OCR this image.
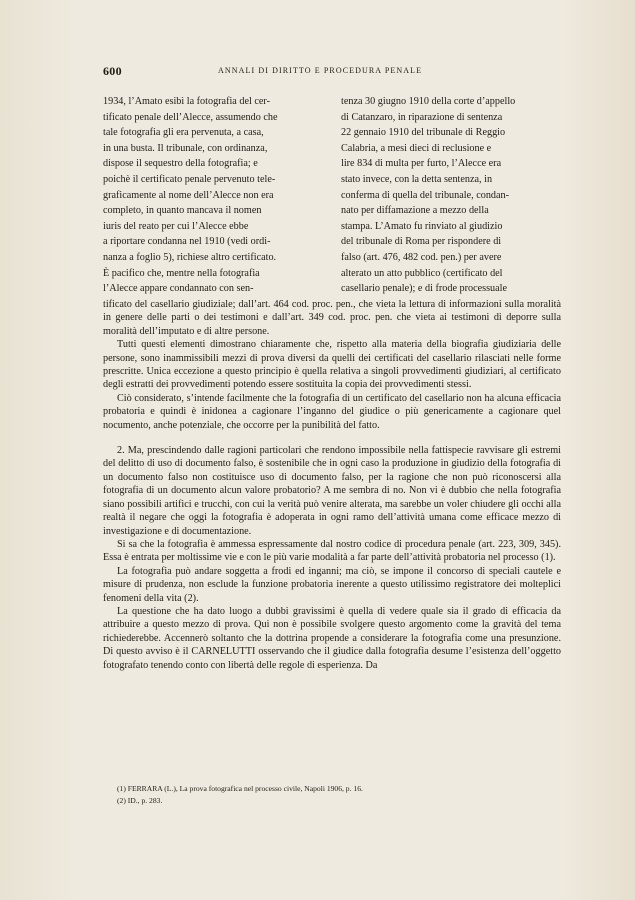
600	ANNALI DI DIRITTO E PROCEDURA PENALE
1934, l’Amato esibì la fotografia del cer-
tificato penale dell’Alecce, assumendo che
tale fotografia gli era pervenuta, a casa,
in una busta. Il tribunale, con ordinanza,
dispose il sequestro della fotografia; e
poichè il certificato penale pervenuto tele-
graficamente al nome dell’Alecce non era
completo, in quanto mancava il nomen
iuris del reato per cui l’Alecce ebbe
a riportare condanna nel 1910 (vedi ordi-
nanza a foglio 5), richiese altro certificato.
È pacifico che, mentre nella fotografia
l’Alecce appare condannato con sen-
tenza 30 giugno 1910 della corte d’appello
di Catanzaro, in riparazione di sentenza
22 gennaio 1910 del tribunale di Reggio
Calabria, a mesi dieci di reclusione e
lire 834 di multa per furto, l’Alecce era
stato invece, con la detta sentenza, in
conferma di quella del tribunale, condan-
nato per diffamazione a mezzo della
stampa. L’Amato fu rinviato al giudizio
del tribunale di Roma per rispondere di
falso (art. 476, 482 cod. pen.) per avere
alterato un atto pubblico (certificato del
casellario penale); e di frode processuale

tificato del casellario giudiziale; dall’art. 464 cod. proc. pen., che vieta la lettura di informazioni sulla moralità in genere delle parti o dei testimoni e dall’art. 349 cod. proc. pen. che vieta ai testimoni di deporre sulla moralità dell’imputato e di altre persone.

Tutti questi elementi dimostrano chiaramente che, rispetto alla materia della biografia giudiziaria delle persone, sono inammissibili mezzi di prova diversi da quelli dei certificati del casellario rilasciati nelle forme prescritte. Unica eccezione a questo principio è quella relativa a singoli provvedimenti giudiziari, al certificato degli estratti dei provvedimenti potendo essere sostituita la copia dei provvedimenti stessi.

Ciò considerato, s’intende facilmente che la fotografia di un certificato del casellario non ha alcuna efficacia probatoria e quindi è inidonea a cagionare l’inganno del giudice o più genericamente a cagionare quel nocumento, anche potenziale, che occorre per la punibilità del fatto.

2. Ma, prescindendo dalle ragioni particolari che rendono impossibile nella fattispecie ravvisare gli estremi del delitto di uso di documento falso, è sostenibile che in ogni caso la produzione in giudizio della fotografia di un documento falso non costituisce uso di documento falso, per la ragione che non può riconoscersi alla fotografia di un documento alcun valore probatorio? A me sembra di no. Non vi è dubbio che nella fotografia siano possibili artifici e trucchi, con cui la verità può venire alterata, ma sarebbe un voler chiudere gli occhi alla realtà il negare che oggi la fotografia è adoperata in ogni ramo dell’attività umana come efficace mezzo di investigazione e di documentazione.

Si sa che la fotografia è ammessa espressamente dal nostro codice di procedura penale (art. 223, 309, 345). Essa è entrata per moltissime vie e con le più varie modalità a far parte dell’attività probatoria nel processo (1).

La fotografia può andare soggetta a frodi ed inganni; ma ciò, se impone il concorso di speciali cautele e misure di prudenza, non esclude la funzione probatoria inerente a questo utilissimo registratore dei molteplici fenomeni della vita (2).

La questione che ha dato luogo a dubbi gravissimi è quella di vedere quale sia il grado di efficacia da attribuire a questo mezzo di prova. Qui non è possibile svolgere questo argomento come la gravità del tema richiederebbe. Accennerò soltanto che la dottrina propende a considerare la fotografia come una presunzione. Di questo avviso è il CARNELUTTI osservando che il giudice dalla fotografia desume l’esistenza dell’oggetto fotografato tenendo conto con libertà delle regole di esperienza. Da

(1) FERRARA (L.), La prova fotografica nel processo civile, Napoli 1906, p. 16.
(2) ID., p. 283.
